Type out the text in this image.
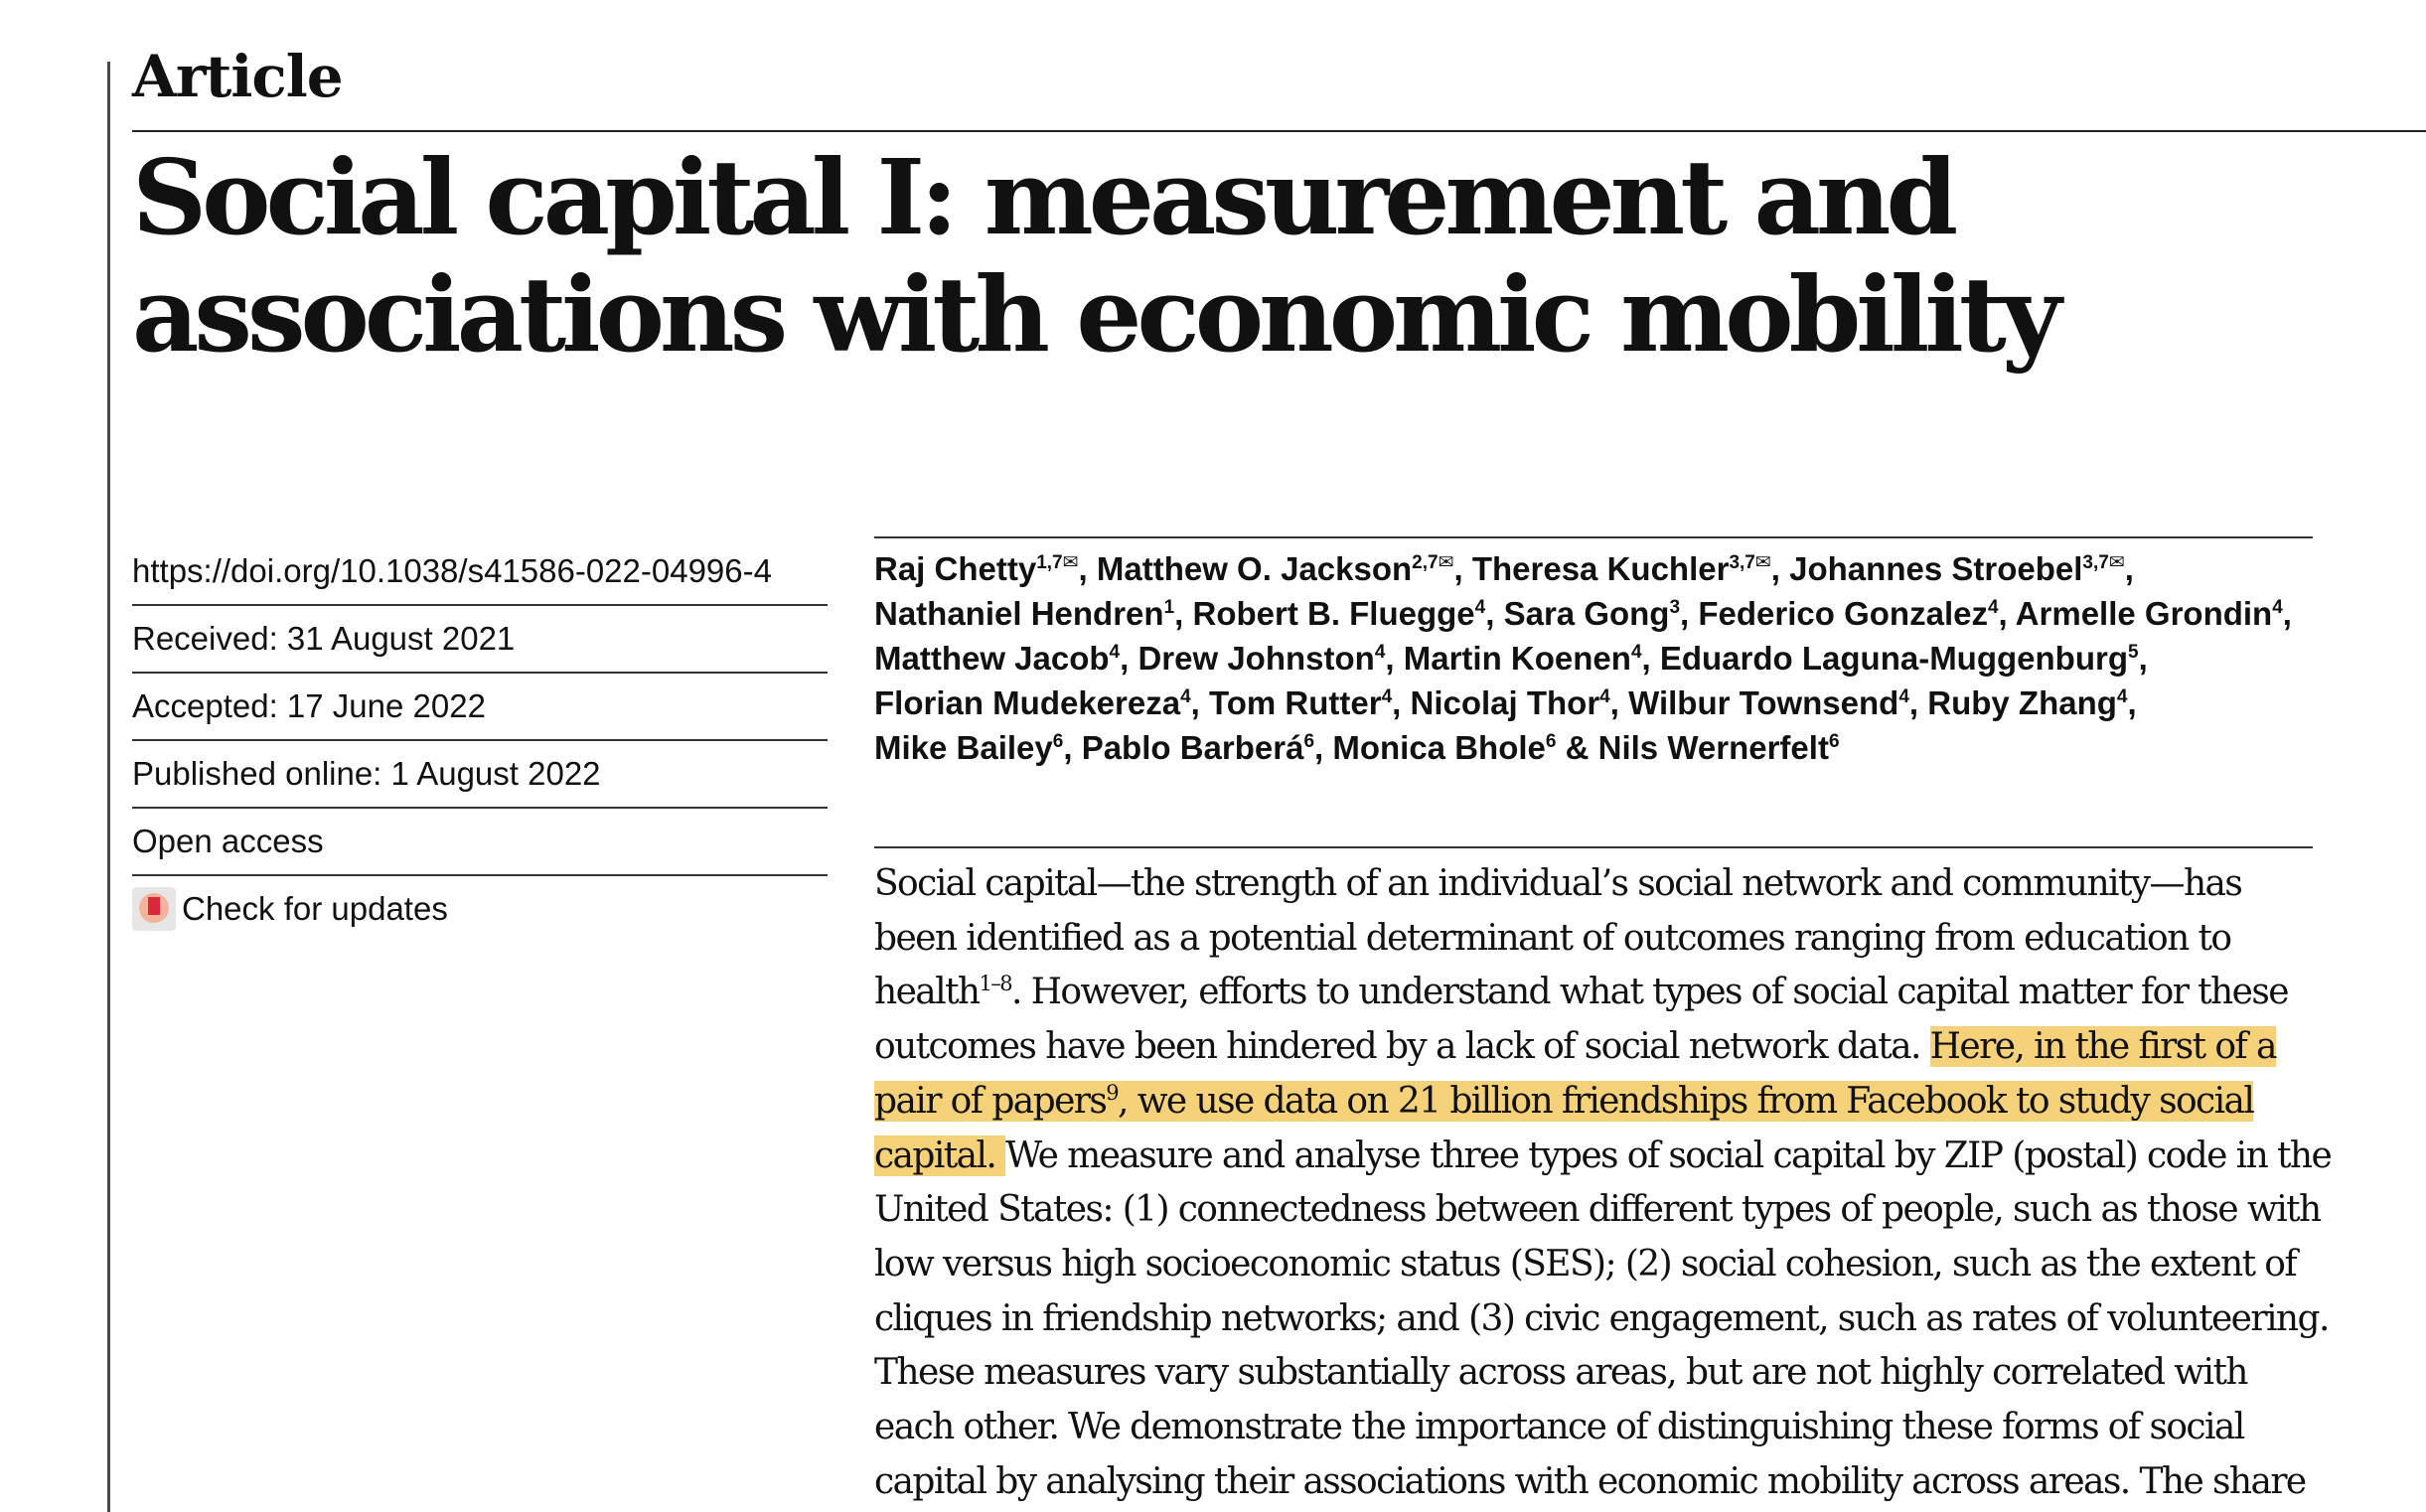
Article
Social capital I: measurement and
associations with economic mobility
https://doi.org/10.1038/s41586-022-04996-4
Received: 31 August 2021
Accepted: 17 June 2022
Published online: 1 August 2022
Open access
Check for updates
Raj Chetty$^{1,7✉}$, Matthew O. Jackson$^{2,7✉}$, Theresa Kuchler$^{3,7✉}$, Johannes Stroebel$^{3,7✉}$,
Nathaniel Hendren$^1$, Robert B. Fluegge$^4$, Sara Gong$^3$, Federico Gonzalez$^4$, Armelle Grondin$^4$,
Matthew Jacob$^4$, Drew Johnston$^4$, Martin Koenen$^4$, Eduardo Laguna-Muggenburg$^5$,
Florian Mudekereza$^4$, Tom Rutter$^4$, Nicolaj Thor$^4$, Wilbur Townsend$^4$, Ruby Zhang$^4$,
Mike Bailey$^6$, Pablo Barberá$^6$, Monica Bhole$^6$ & Nils Wernerfelt$^6$
Social capital—the strength of an individual’s social network and community—has
been identified as a potential determinant of outcomes ranging from education to
health$^{1-8}$. However, efforts to understand what types of social capital matter for these
outcomes have been hindered by a lack of social network data. Here, in the first of a
pair of papers$^9$, we use data on 21 billion friendships from Facebook to study social
capital. We measure and analyse three types of social capital by ZIP (postal) code in the
United States: (1) connectedness between different types of people, such as those with
low versus high socioeconomic status (SES); (2) social cohesion, such as the extent of
cliques in friendship networks; and (3) civic engagement, such as rates of volunteering.
These measures vary substantially across areas, but are not highly correlated with
each other. We demonstrate the importance of distinguishing these forms of social
capital by analysing their associations with economic mobility across areas. The share
